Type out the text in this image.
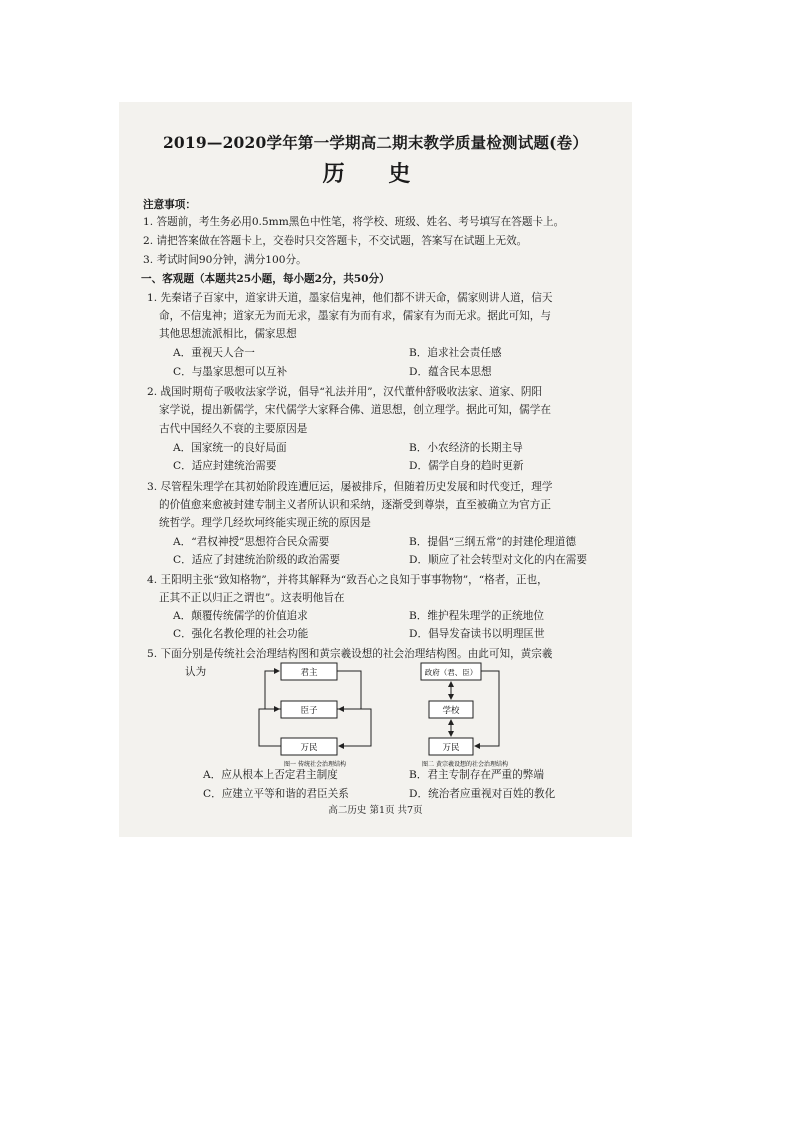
2019—2020学年第一学期高二期末教学质量检测试题(卷）
历 史
注意事项：
1. 答题前，考生务必用0.5mm黑色中性笔，将学校、班级、姓名、考号填写在答题卡上。
2. 请把答案做在答题卡上，交卷时只交答题卡，不交试题，答案写在试题上无效。
3. 考试时间90分钟，满分100分。
一、客观题（本题共25小题，每小题2分，共50分）
1. 先秦诸子百家中，道家讲天道，墨家信鬼神，他们都不讲天命，儒家则讲人道，信天
命，不信鬼神；道家无为而无求，墨家有为而有求，儒家有为而无求。据此可知，与
其他思想流派相比，儒家思想
A．重视天人合一	B．追求社会责任感
C．与墨家思想可以互补	D．蕴含民本思想
2. 战国时期荀子吸收法家学说，倡导“礼法并用”，汉代董仲舒吸收法家、道家、阴阳
家学说，提出新儒学，宋代儒学大家释合佛、道思想，创立理学。据此可知，儒学在
古代中国经久不衰的主要原因是
A．国家统一的良好局面	B．小农经济的长期主导
C．适应封建统治需要	D．儒学自身的趋时更新
3. 尽管程朱理学在其初始阶段连遭厄运，屡被排斥，但随着历史发展和时代变迁，理学
的价值愈来愈被封建专制主义者所认识和采纳，逐渐受到尊崇，直至被确立为官方正
统哲学。理学几经坎坷终能实现正统的原因是
A．“君权神授”思想符合民众需要	B．提倡“三纲五常”的封建伦理道德
C．适应了封建统治阶级的政治需要	D．顺应了社会转型对文化的内在需要
4. 王阳明主张“致知格物”，并将其解释为“致吾心之良知于事事物物”，“格者，正也，
正其不正以归正之谓也”。这表明他旨在
A．颠覆传统儒学的价值追求	B．维护程朱理学的正统地位
C．强化名教伦理的社会功能	D．倡导发奋读书以明理匡世
5. 下面分别是传统社会治理结构图和黄宗羲设想的社会治理结构图。由此可知，黄宗羲
认为	君主
臣子
万民
图一 传统社会治理结构
政府（君、臣）
学校
万民
图二 黄宗羲设想的社会治理结构
A．应从根本上否定君主制度	B．君主专制存在严重的弊端
C．应建立平等和谐的君臣关系	D．统治者应重视对百姓的教化
高二历史 第1页 共7页
